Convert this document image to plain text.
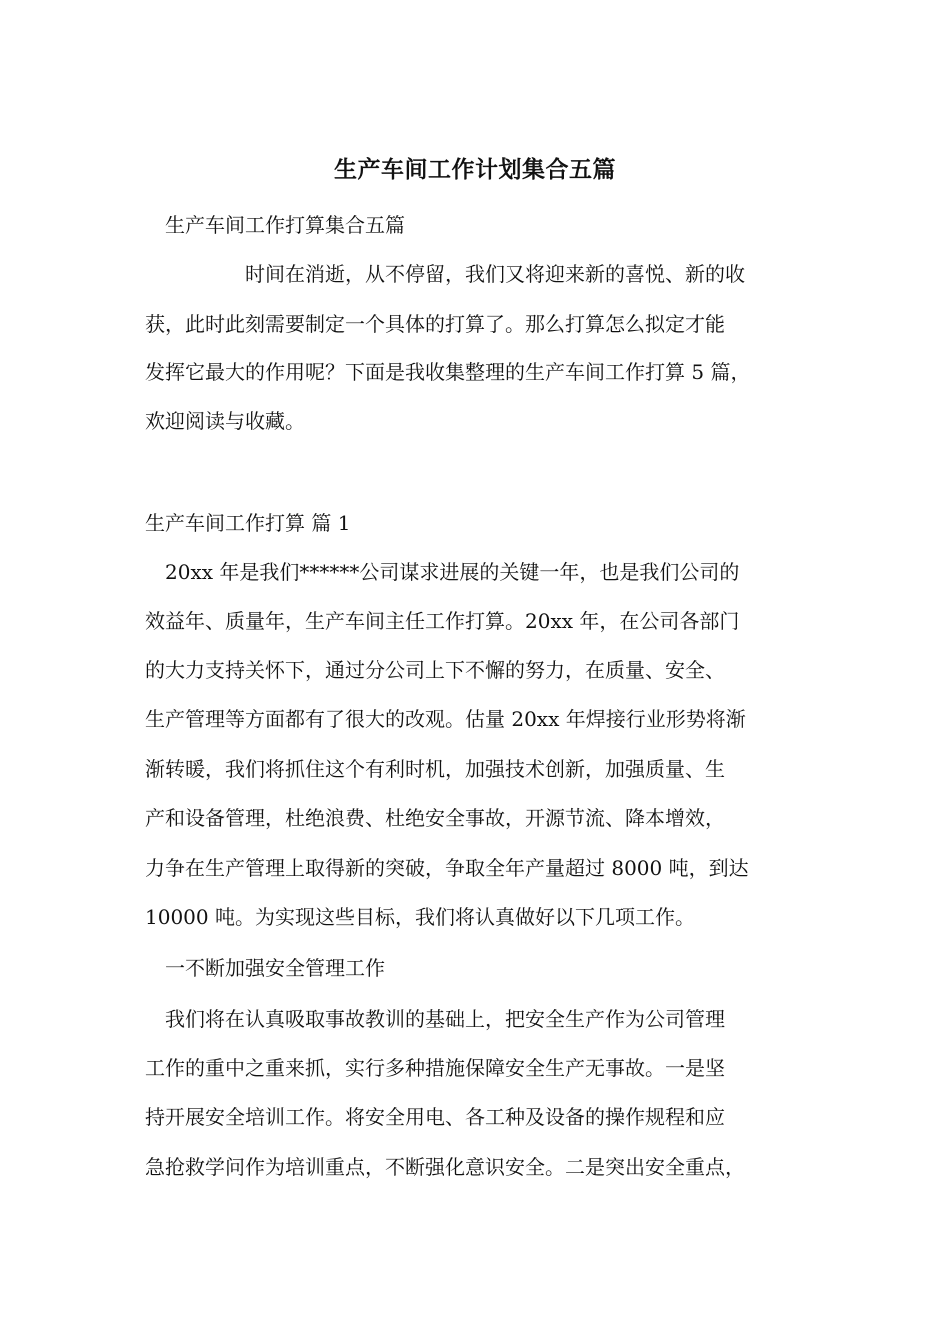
生产车间工作计划集合五篇
生产车间工作打算集合五篇
时间在消逝，从不停留，我们又将迎来新的喜悦、新的收
获，此时此刻需要制定一个具体的打算了。那么打算怎么拟定才能
发挥它最大的作用呢？下面是我收集整理的生产车间工作打算 5 篇，
欢迎阅读与收藏。
生产车间工作打算 篇 1
20xx 年是我们******公司谋求进展的关键一年，也是我们公司的
效益年、质量年，生产车间主任工作打算。20xx 年，在公司各部门
的大力支持关怀下，通过分公司上下不懈的努力，在质量、安全、
生产管理等方面都有了很大的改观。估量 20xx 年焊接行业形势将渐
渐转暖，我们将抓住这个有利时机，加强技术创新，加强质量、生
产和设备管理，杜绝浪费、杜绝安全事故，开源节流、降本增效，
力争在生产管理上取得新的突破，争取全年产量超过 8000 吨，到达
10000 吨。为实现这些目标，我们将认真做好以下几项工作。
一不断加强安全管理工作
我们将在认真吸取事故教训的基础上，把安全生产作为公司管理
工作的重中之重来抓，实行多种措施保障安全生产无事故。一是坚
持开展安全培训工作。将安全用电、各工种及设备的操作规程和应
急抢救学问作为培训重点，不断强化意识安全。二是突出安全重点，
